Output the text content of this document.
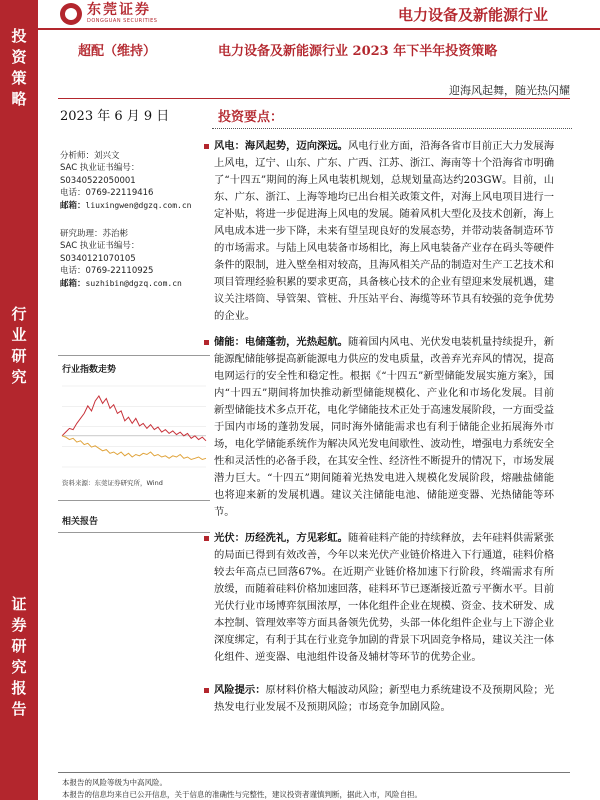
投
资
策
略
行
业
研
究
证
券
研
究
报
告
东莞证券
DONGGUAN SECURITIES	电力设备及新能源行业
超配（维持）	电力设备及新能源行业 2023 年下半年投资策略
迎海风起舞，随光热闪耀
2023 年 6 月 9 日	投资要点：
分析师：刘兴文
SAC 执业证书编号：
S0340522050001
电话：0769-22119416
邮箱：liuxingwen@dgzq.com.cn
研究助理：苏治彬
SAC 执业证书编号：
S0340121070105
电话：0769-22110925
邮箱：suzhibin@dgzq.com.cn
行业指数走势
资料来源：东莞证券研究所，Wind
相关报告
风电：海风起势，迈向深远。风电行业方面，沿海各省市目前正大力发展海上风电，辽宁、山东、广东、广西、江苏、浙江、海南等十个沿海省市明确了“十四五”期间的海上风电装机规划，总规划量高达约203GW。目前，山东、广东、浙江、上海等地均已出台相关政策文件，对海上风电项目进行一定补贴，将进一步促进海上风电的发展。随着风机大型化及技术创新，海上风电成本进一步下降，未来有望呈现良好的发展态势，并带动装备制造环节的市场需求。与陆上风电装备市场相比，海上风电装备产业存在码头等硬件条件的限制，进入壁垒相对较高，且海风相关产品的制造对生产工艺技术和项目管理经验积累的要求更高，具备核心技术的企业有望迎来发展机遇，建议关注塔筒、导管架、管桩、升压站平台、海缆等环节具有较强的竞争优势的企业。
储能：电储蓬勃，光热起航。随着国内风电、光伏发电装机量持续提升，新能源配储能够提高新能源电力供应的发电质量，改善弃光弃风的情况，提高电网运行的安全性和稳定性。根据《“十四五”新型储能发展实施方案》，国内“十四五”期间将加快推动新型储能规模化、产业化和市场化发展。目前新型储能技术多点开花，电化学储能技术正处于高速发展阶段，一方面受益于国内市场的蓬勃发展，同时海外储能需求也有利于储能企业拓展海外市场，电化学储能系统作为解决风光发电间歇性、波动性，增强电力系统安全性和灵活性的必备手段，在其安全性、经济性不断提升的情况下，市场发展潜力巨大。“十四五”期间随着光热发电进入规模化发展阶段，熔融盐储能也将迎来新的发展机遇。建议关注储能电池、储能逆变器、光热储能等环节。
光伏：历经洗礼，方见彩虹。随着硅料产能的持续释放，去年硅料供需紧张的局面已得到有效改善，今年以来光伏产业链价格进入下行通道，硅料价格较去年高点已回落67%。在近期产业链价格加速下行阶段，终端需求有所放缓，而随着硅料价格加速回落，硅料环节已逐渐接近盈亏平衡水平。目前光伏行业市场博弈氛围浓厚，一体化组件企业在规模、资金、技术研发、成本控制、管理效率等方面具备领先优势，头部一体化组件企业与上下游企业深度绑定，有利于其在行业竞争加剧的背景下巩固竞争格局，建议关注一体化组件、逆变器、电池组件设备及辅材等环节的优势企业。
风险提示：原材料价格大幅波动风险；新型电力系统建设不及预期风险；光热发电行业发展不及预期风险；市场竞争加剧风险。
本报告的风险等级为中高风险。
本报告的信息均来自已公开信息，关于信息的准确性与完整性，建议投资者谨慎判断，据此入市，风险自担。
